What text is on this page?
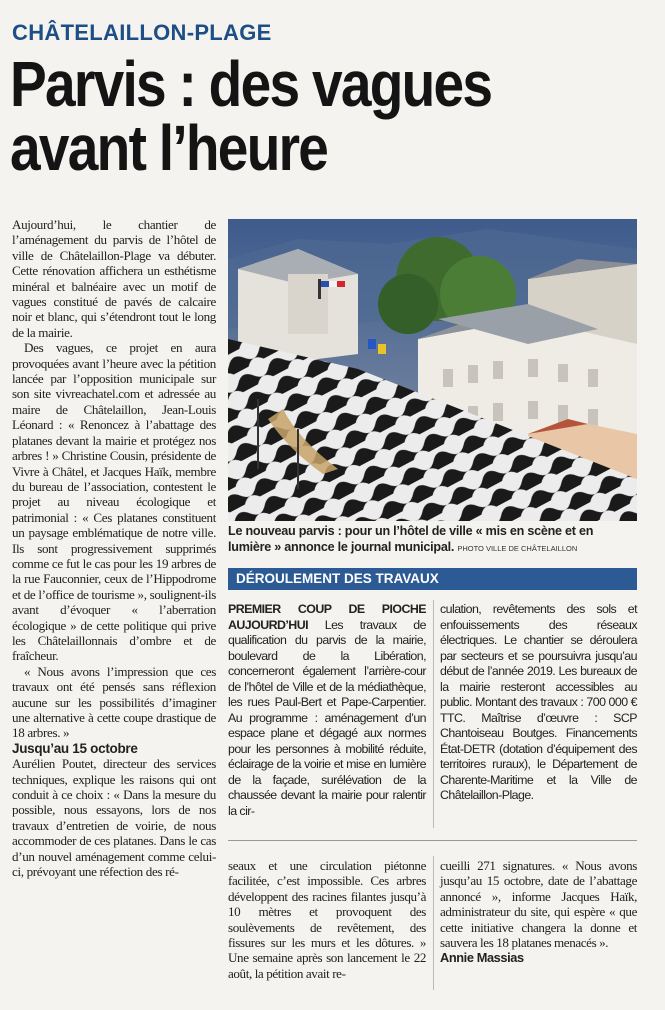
CHÂTELAILLON-PLAGE
Parvis : des vagues
avant l’heure

Aujourd’hui, le chantier de l’aménagement du parvis de l’hôtel de ville de Châtelaillon-Plage va débuter. Cette rénovation affichera un esthétisme minéral et balnéaire avec un motif de vagues constitué de pavés de calcaire noir et blanc, qui s’étendront tout le long de la mairie.

Des vagues, ce projet en aura provoquées avant l’heure avec la pétition lancée par l’opposition municipale sur son site vivreachatel.com et adressée au maire de Châtelaillon, Jean-Louis Léonard : « Renoncez à l’abattage des platanes devant la mairie et protégez nos arbres ! » Christine Cousin, présidente de Vivre à Châtel, et Jacques Haïk, membre du bureau de l’association, contestent le projet au niveau écologique et patrimonial : « Ces platanes constituent un paysage emblématique de notre ville. Ils sont progressivement supprimés comme ce fut le cas pour les 19 arbres de la rue Fauconnier, ceux de l’Hippodrome et de l’office de tourisme », soulignent-ils avant d’évoquer « l’aberration écologique » de cette politique qui prive les Châtelaillonnais d’ombre et de fraîcheur.

« Nous avons l’impression que ces travaux ont été pensés sans réflexion aucune sur les possibilités d’imaginer une alternative à cette coupe drastique de 18 arbres. »

Jusqu’au 15 octobre

Aurélien Poutet, directeur des services techniques, explique les raisons qui ont conduit à ce choix : « Dans la mesure du possible, nous essayons, lors de nos travaux d’entretien de voirie, de nous accommoder de ces platanes. Dans le cas d’un nouvel aménagement comme celui-ci, prévoyant une réfection des ré-

Le nouveau parvis : pour un l’hôtel de ville « mis en scène et en lumière » annonce le journal municipal. PHOTO VILLE DE CHÂTELAILLON
DÉROULEMENT DES TRAVAUX
PREMIER COUP DE PIOCHE AUJOURD’HUI Les travaux de qualification du parvis de la mairie, boulevard de la Libération, concerneront également l’arrière-cour de l’hôtel de Ville et de la médiathèque, les rues Paul-Bert et Pape-Carpentier. Au programme : aménagement d’un espace plane et dégagé aux normes pour les personnes à mobilité réduite, éclairage de la voirie et mise en lumière de la façade, surélévation de la chaussée devant la mairie pour ralentir la cir-
culation, revêtements des sols et enfouissements des réseaux électriques. Le chantier se déroulera par secteurs et se poursuivra jusqu’au début de l’année 2019. Les bureaux de la mairie resteront accessibles au public. Montant des travaux : 700 000 € TTC. Maîtrise d’œuvre : SCP Chantoiseau Boutges. Financements État-DETR (dotation d’équipement des territoires ruraux), le Département de Charente-Maritime et la Ville de Châtelaillon-Plage.

seaux et une circulation piétonne facilitée, c’est impossible. Ces arbres développent des racines filantes jusqu’à 10 mètres et provoquent des soulèvements de revêtement, des fissures sur les murs et les dôtures. » Une semaine après son lancement le 22 août, la pétition avait re-

cueilli 271 signatures. « Nous avons jusqu’au 15 octobre, date de l’abattage annoncé », informe Jacques Haïk, administrateur du site, qui espère « que cette initiative changera la donne et sauvera les 18 platanes menacés ».

Annie Massias
